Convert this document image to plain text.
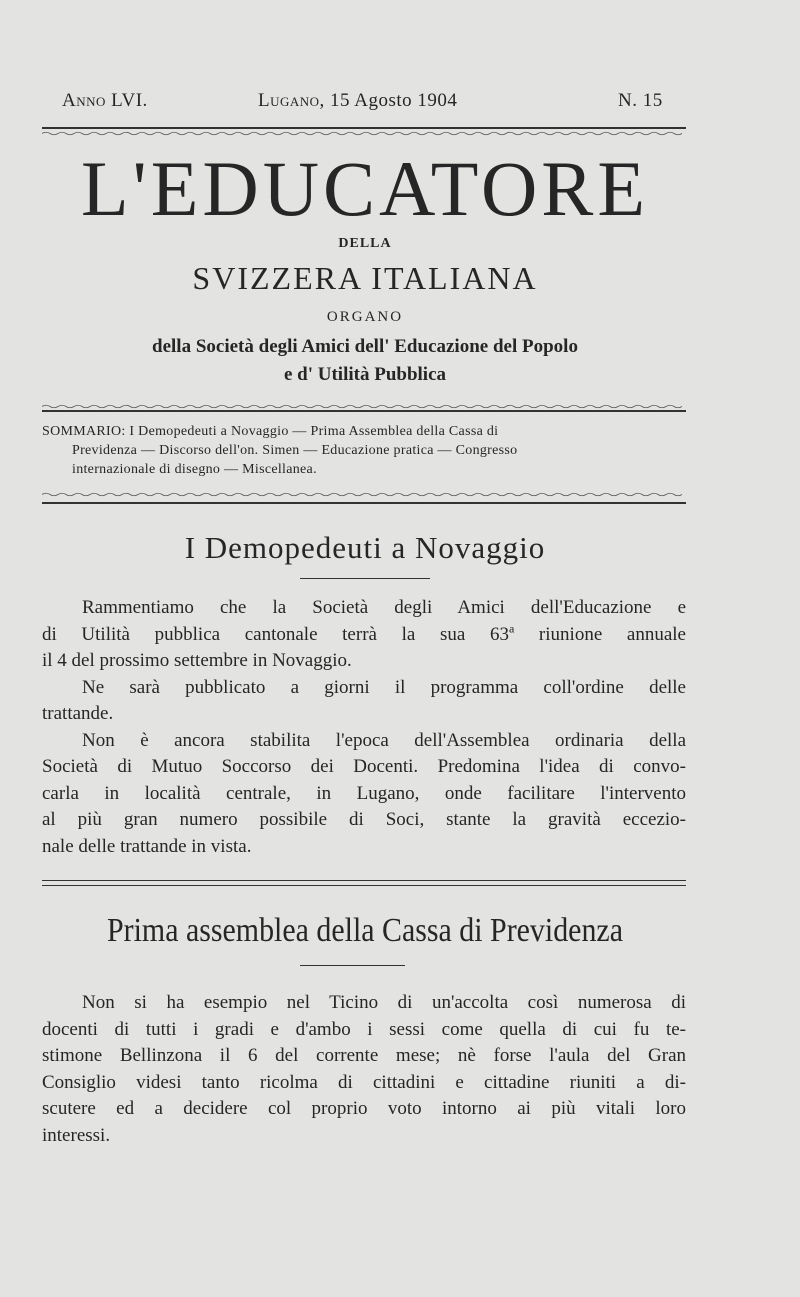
Anno LVI.	Lugano, 15 Agosto 1904	N. 15
L'EDUCATORE
DELLA
SVIZZERA ITALIANA
ORGANO
della Società degli Amici dell' Educazione del Popolo
e d' Utilità Pubblica
SOMMARIO: I Demopedeuti a Novaggio — Prima Assemblea della Cassa di
Previdenza — Discorso dell'on. Simen — Educazione pratica — Congresso
internazionale di disegno — Miscellanea.
I Demopedeuti a Novaggio
Rammentiamo che la Società degli Amici dell'Educazione e
di Utilità pubblica cantonale terrà la sua 63$^a$ riunione annuale
il 4 del prossimo settembre in Novaggio.
Ne sarà pubblicato a giorni il programma coll'ordine delle
trattande.
Non è ancora stabilita l'epoca dell'Assemblea ordinaria della
Società di Mutuo Soccorso dei Docenti. Predomina l'idea di convo-
carla in località centrale, in Lugano, onde facilitare l'intervento
al più gran numero possibile di Soci, stante la gravità eccezio-
nale delle trattande in vista.
Prima assemblea della Cassa di Previdenza
Non si ha esempio nel Ticino di un'accolta così numerosa di
docenti di tutti i gradi e d'ambo i sessi come quella di cui fu te-
stimone Bellinzona il 6 del corrente mese; nè forse l'aula del Gran
Consiglio videsi tanto ricolma di cittadini e cittadine riuniti a di-
scutere ed a decidere col proprio voto intorno ai più vitali loro
interessi.
